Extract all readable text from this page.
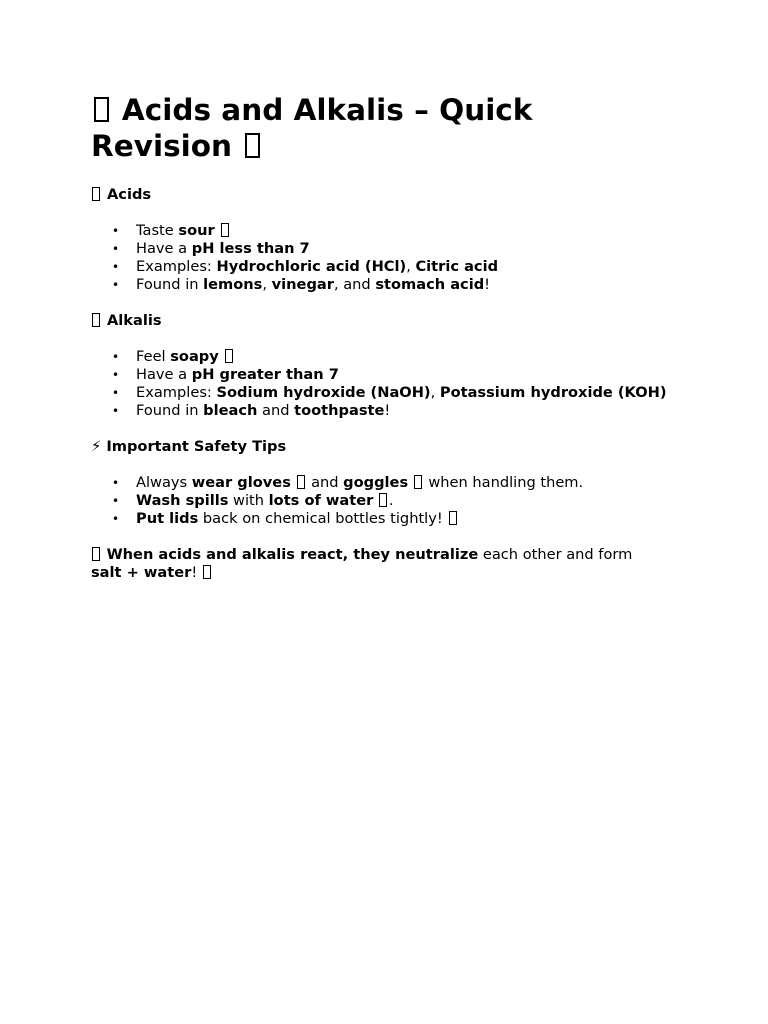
Acids and Alkalis – Quick Revision
Acids
• Taste sour
• Have a pH less than 7
• Examples: Hydrochloric acid (HCl), Citric acid
• Found in lemons, vinegar, and stomach acid!
Alkalis
• Feel soapy
• Have a pH greater than 7
• Examples: Sodium hydroxide (NaOH), Potassium hydroxide (KOH)
• Found in bleach and toothpaste!
⚡ Important Safety Tips
• Always wear gloves  and goggles  when handling them.
• Wash spills with lots of water .
• Put lids back on chemical bottles tightly!

When acids and alkalis react, they neutralize each other and form salt + water!
